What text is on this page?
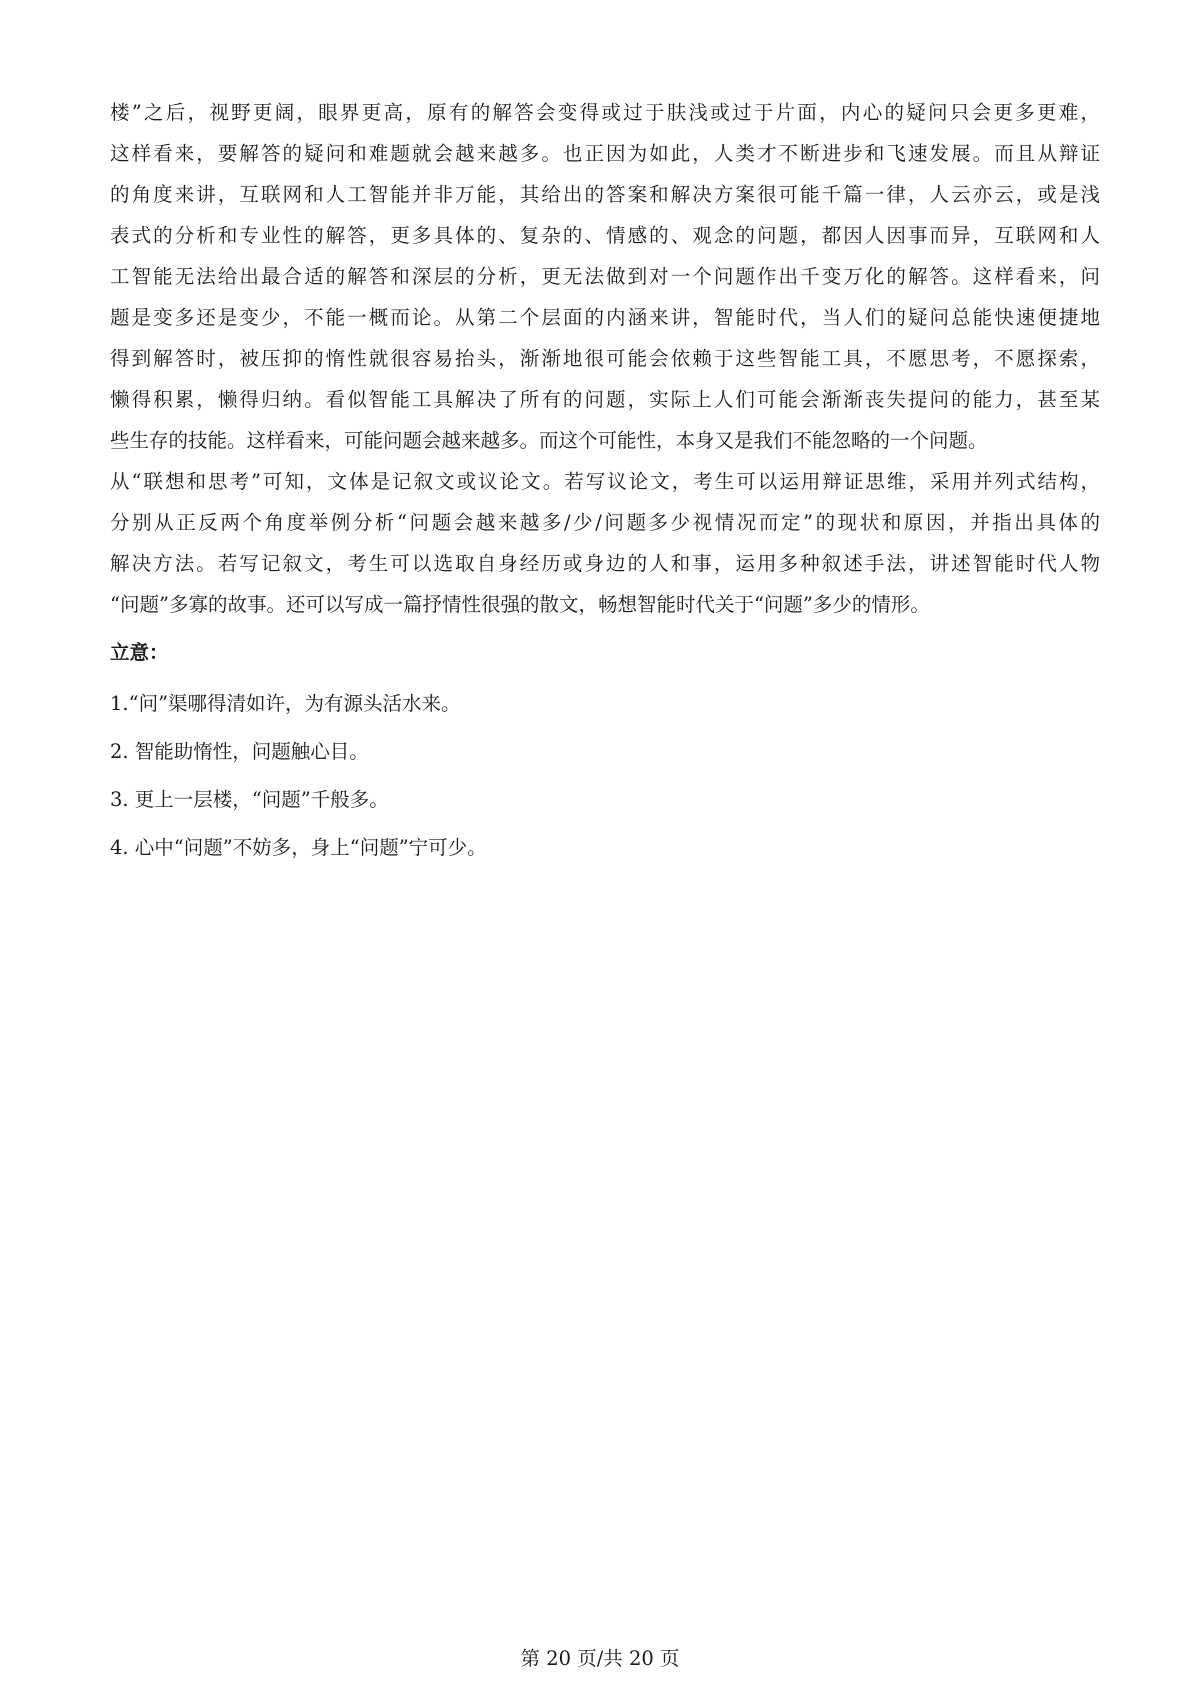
楼”之后，视野更阔，眼界更高，原有的解答会变得或过于肤浅或过于片面，内心的疑问只会更多更难，
这样看来，要解答的疑问和难题就会越来越多。也正因为如此，人类才不断进步和飞速发展。而且从辩证
的角度来讲，互联网和人工智能并非万能，其给出的答案和解决方案很可能千篇一律，人云亦云，或是浅
表式的分析和专业性的解答，更多具体的、复杂的、情感的、观念的问题，都因人因事而异，互联网和人
工智能无法给出最合适的解答和深层的分析，更无法做到对一个问题作出千变万化的解答。这样看来，问
题是变多还是变少，不能一概而论。从第二个层面的内涵来讲，智能时代，当人们的疑问总能快速便捷地
得到解答时，被压抑的惰性就很容易抬头，渐渐地很可能会依赖于这些智能工具，不愿思考，不愿探索，
懒得积累，懒得归纳。看似智能工具解决了所有的问题，实际上人们可能会渐渐丧失提问的能力，甚至某
些生存的技能。这样看来，可能问题会越来越多。而这个可能性，本身又是我们不能忽略的一个问题。
从“联想和思考”可知，文体是记叙文或议论文。若写议论文，考生可以运用辩证思维，采用并列式结构，
分别从正反两个角度举例分析“问题会越来越多/少/问题多少视情况而定”的现状和原因，并指出具体的
解决方法。若写记叙文，考生可以选取自身经历或身边的人和事，运用多种叙述手法，讲述智能时代人物
“问题”多寡的故事。还可以写成一篇抒情性很强的散文，畅想智能时代关于“问题”多少的情形。
立意：
1.“问”渠哪得清如许，为有源头活水来。
2. 智能助惰性，问题触心目。
3. 更上一层楼，“问题”千般多。
4. 心中“问题”不妨多，身上“问题”宁可少。
第 20 页/共 20 页
